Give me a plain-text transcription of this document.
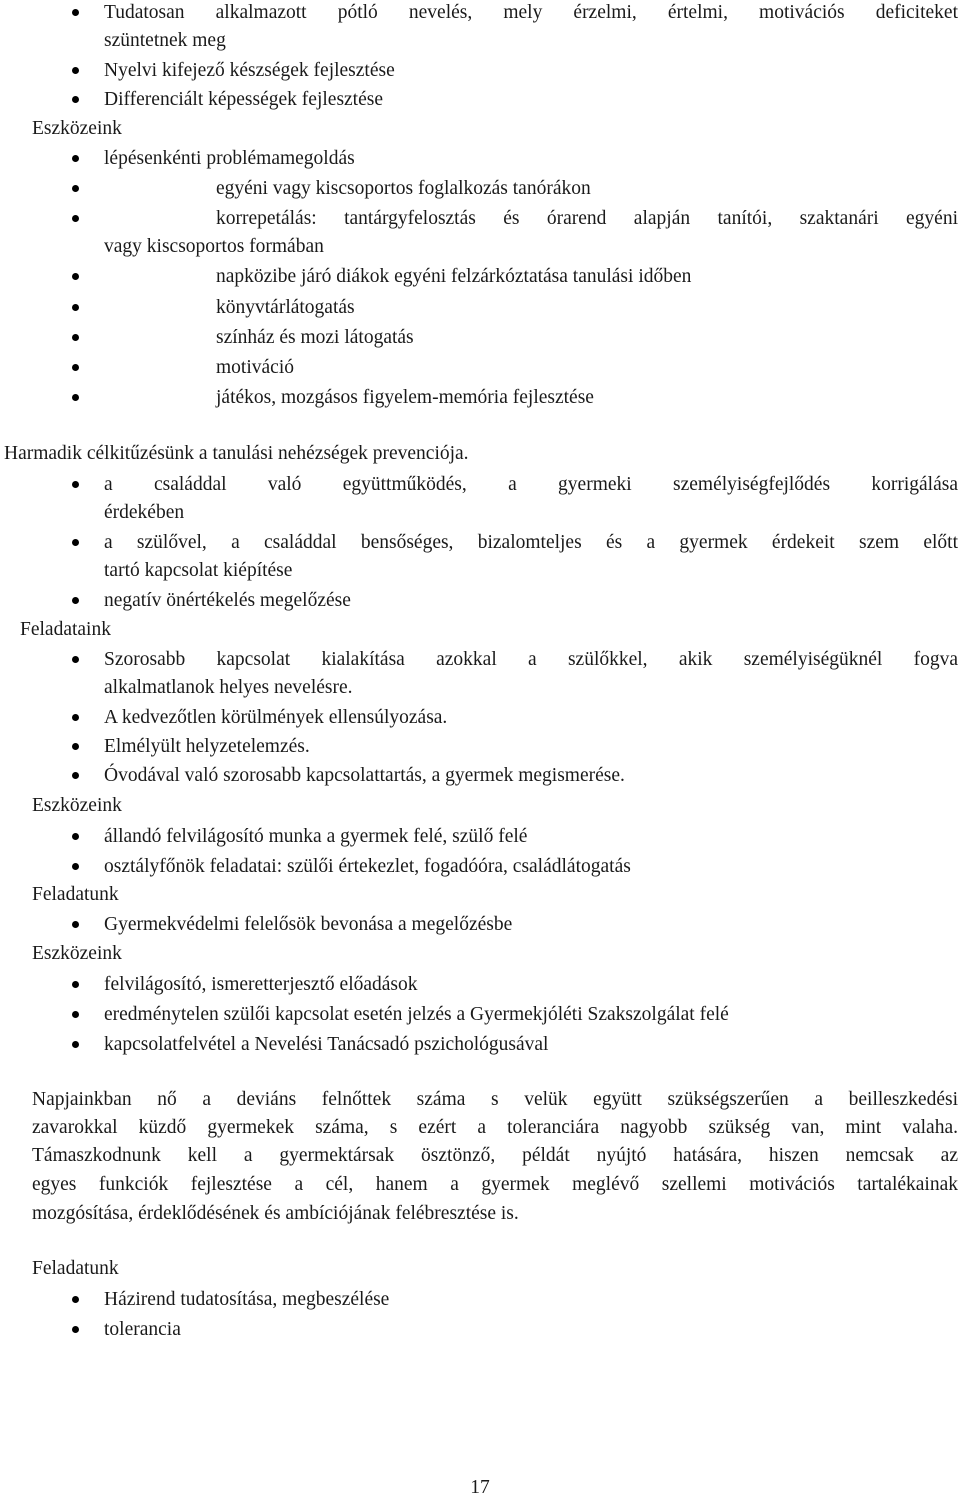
Tudatosan alkalmazott pótló nevelés, mely érzelmi, értelmi, motivációs deficiteket
szüntetnek meg
Nyelvi kifejező készségek fejlesztése
Differenciált képességek fejlesztése
Eszközeink
lépésenkénti problémamegoldás
egyéni vagy kiscsoportos foglalkozás tanórákon
korrepetálás: tantárgyfelosztás és órarend alapján tanítói, szaktanári egyéni
vagy kiscsoportos formában
napközibe járó diákok egyéni felzárkóztatása tanulási időben
könyvtárlátogatás
színház és mozi látogatás
motiváció
játékos, mozgásos figyelem-memória fejlesztése
Harmadik célkitűzésünk a tanulási nehézségek prevenciója.
a családdal való együttműködés, a gyermeki személyiségfejlődés korrigálása
érdekében
a szülővel, a családdal bensőséges, bizalomteljes és a gyermek érdekeit szem előtt
tartó kapcsolat kiépítése
negatív önértékelés megelőzése
Feladataink
Szorosabb kapcsolat kialakítása azokkal a szülőkkel, akik személyiségüknél fogva
alkalmatlanok helyes nevelésre.
A kedvezőtlen körülmények ellensúlyozása.
Elmélyült helyzetelemzés.
Óvodával való szorosabb kapcsolattartás, a gyermek megismerése.
Eszközeink
állandó felvilágosító munka a gyermek felé, szülő felé
osztályfőnök feladatai: szülői értekezlet, fogadóóra, családlátogatás
Feladatunk
Gyermekvédelmi felelősök bevonása a megelőzésbe
Eszközeink
felvilágosító, ismeretterjesztő előadások
eredménytelen szülői kapcsolat esetén jelzés a Gyermekjóléti Szakszolgálat felé
kapcsolatfelvétel a Nevelési Tanácsadó pszichológusával
Napjainkban nő a deviáns felnőttek száma s velük együtt szükségszerűen a beilleszkedési
zavarokkal küzdő gyermekek száma, s ezért a toleranciára nagyobb szükség van, mint valaha.
Támaszkodnunk kell a gyermektársak ösztönző, példát nyújtó hatására, hiszen nemcsak az
egyes funkciók fejlesztése a cél, hanem a gyermek meglévő szellemi motivációs tartalékainak
mozgósítása, érdeklődésének és ambíciójának felébresztése is.
Feladatunk
Házirend tudatosítása, megbeszélése
tolerancia
17
